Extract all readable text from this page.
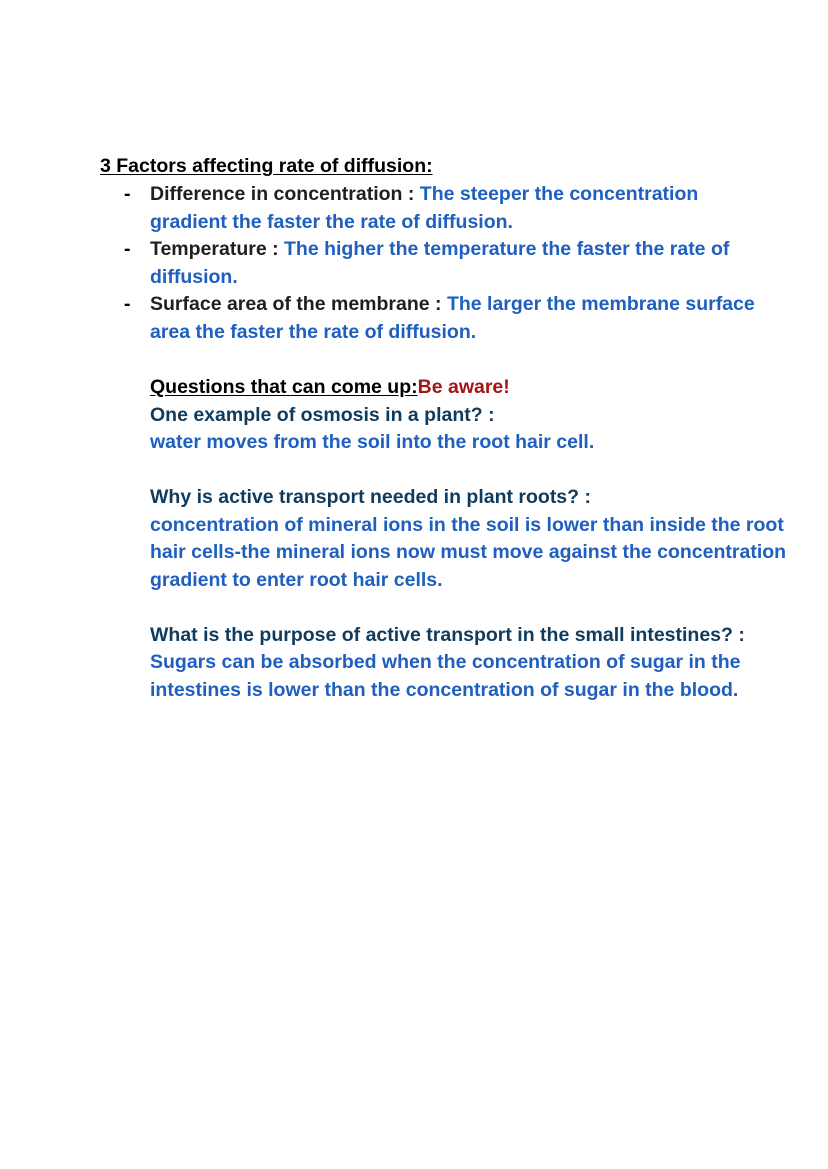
3 Factors affecting rate of diffusion:
- Difference in concentration : The steeper the concentration gradient the faster the rate of diffusion.
- Temperature : The higher the temperature the faster the rate of diffusion.
- Surface area of the membrane : The larger the membrane surface area the faster the rate of diffusion.
Questions that can come up:Be aware!
One example of osmosis in a plant? :
water moves from the soil into the root hair cell.
Why is active transport needed in plant roots? :
concentration of mineral ions in the soil is lower than inside the root hair cells-the mineral ions now must move against the concentration gradient to enter root hair cells.
What is the purpose of active transport in the small intestines? :
Sugars can be absorbed when the concentration of sugar in the intestines is lower than the concentration of sugar in the blood.
